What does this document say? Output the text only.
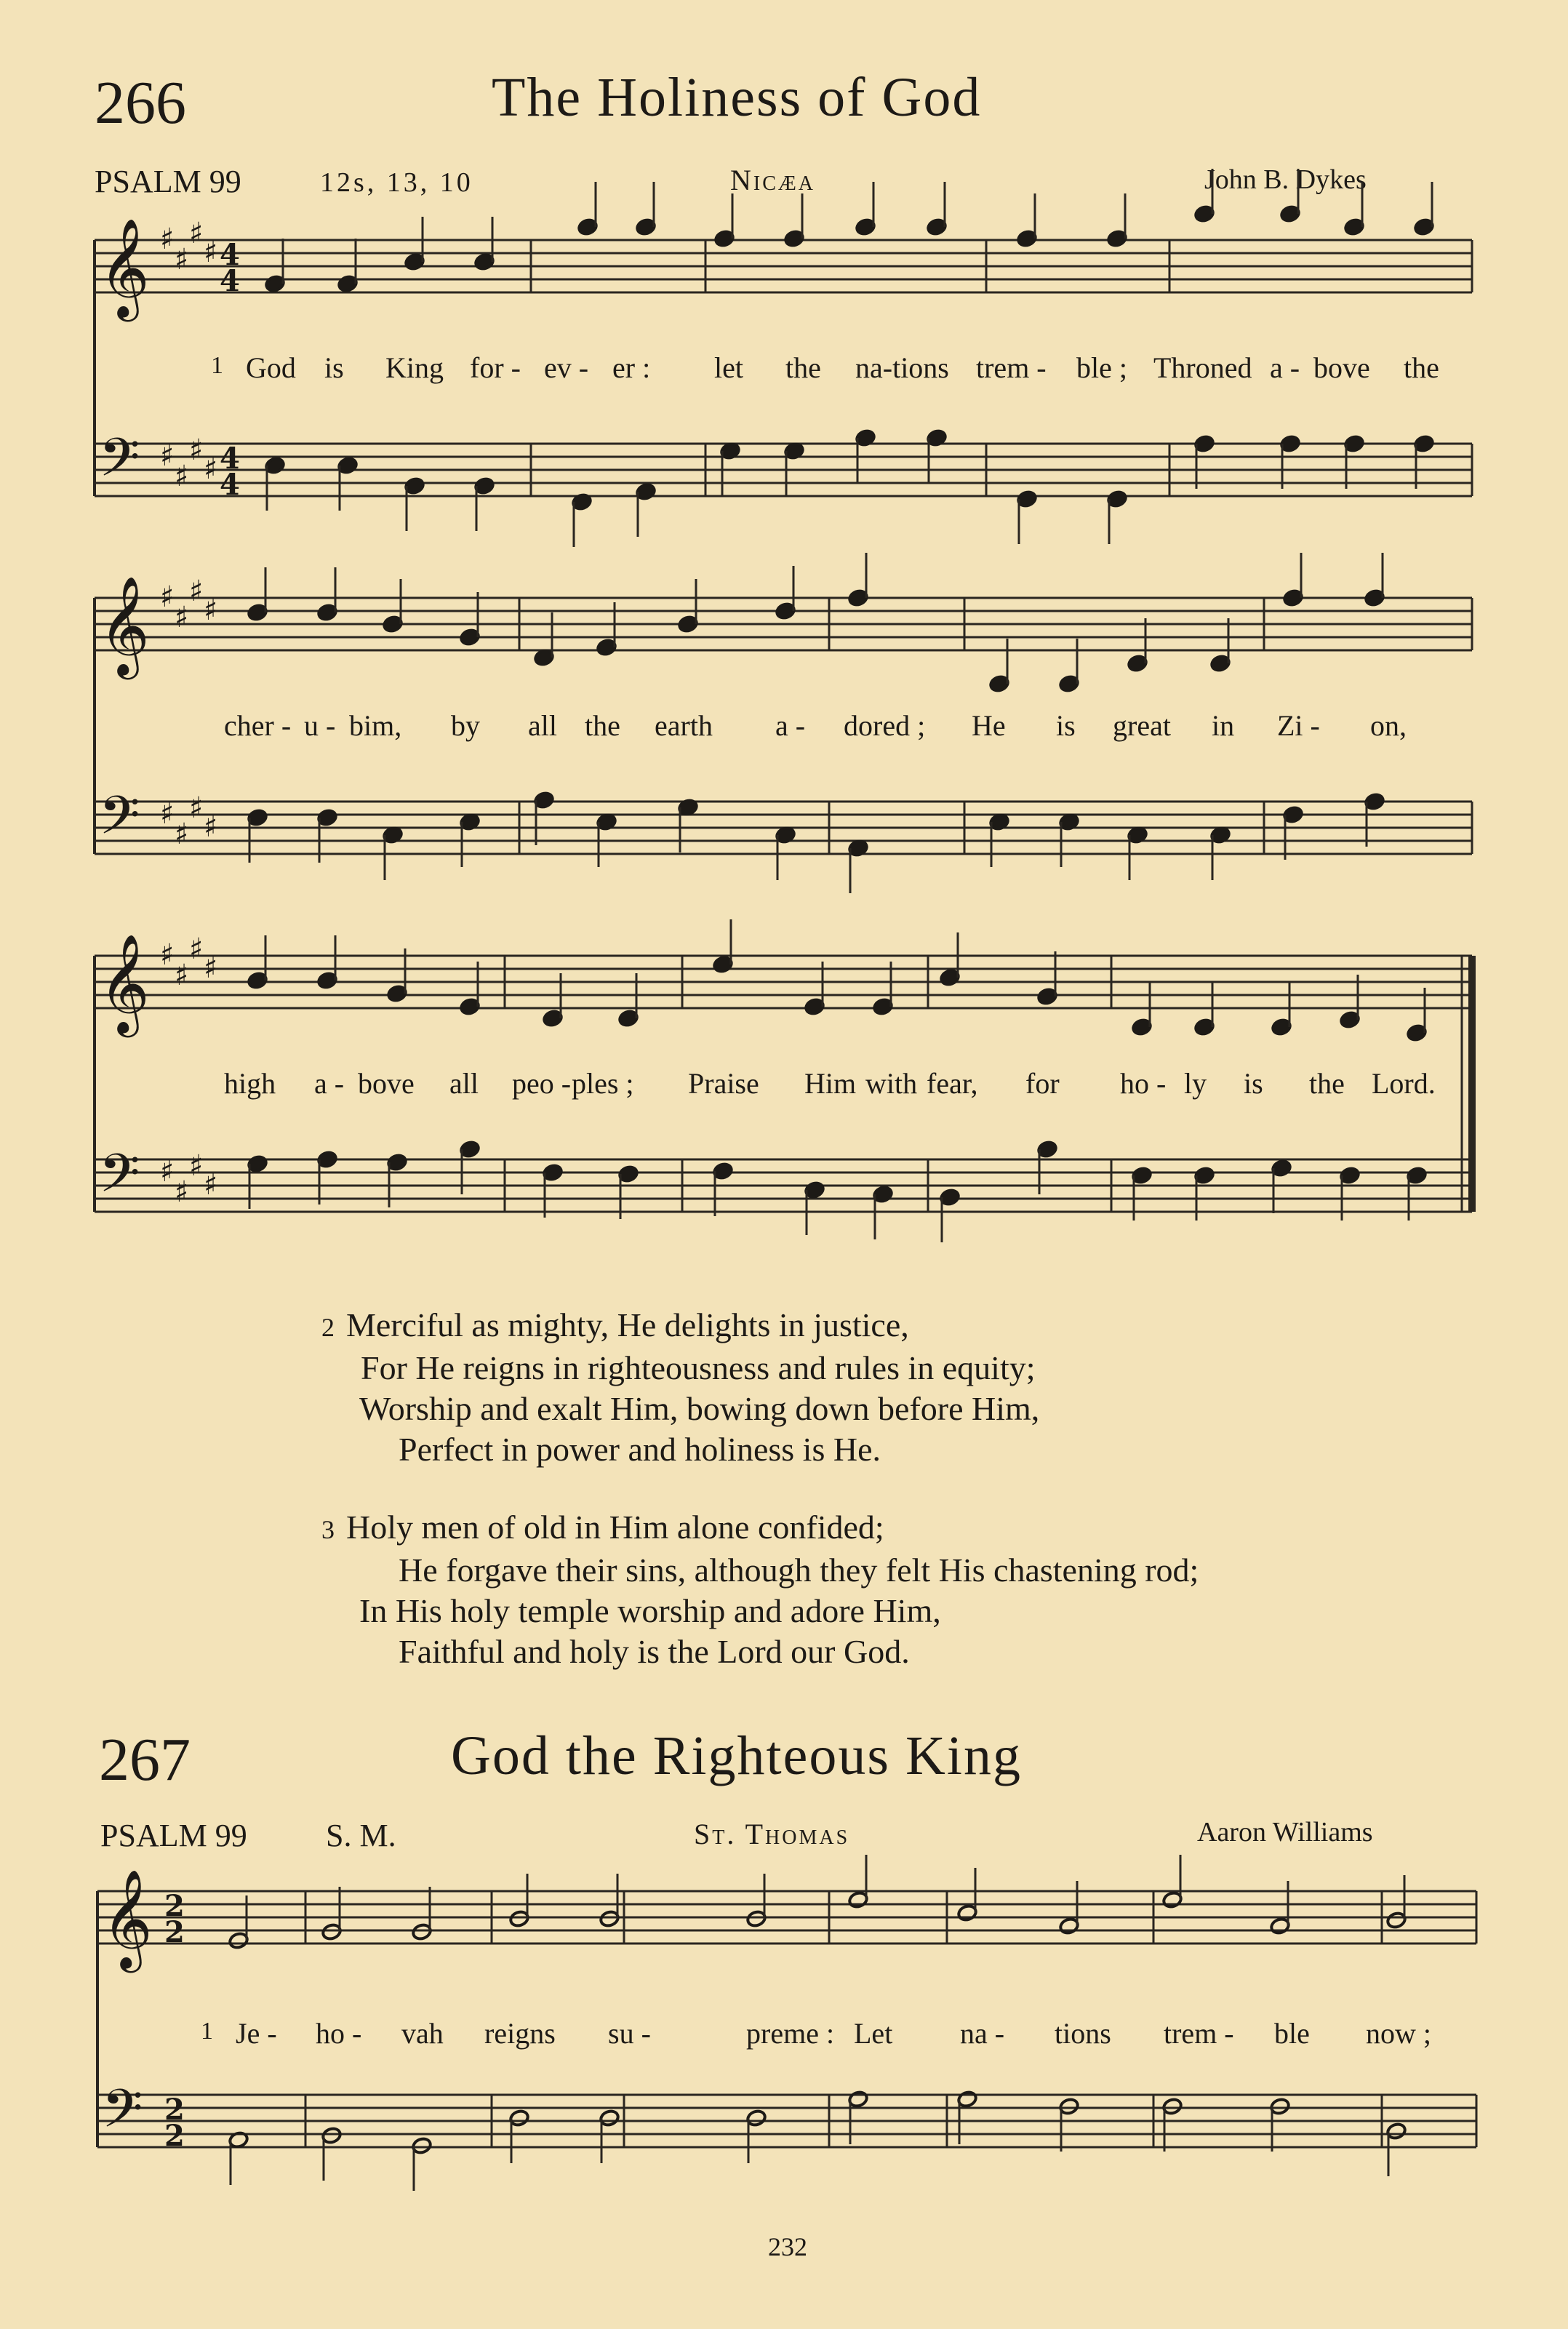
266	The Holiness of God
PSALM 99	12s, 13, 10	Nicæa	John B. Dykes
1 God is King for - ev - er : let the na-tions trem - ble ; Throned a - bove the
cher - u - bim, by all the earth a - dored ; He is great in Zi - on,
high a - bove all peo - ples ; Praise Him with fear, for ho - ly is the Lord.
2 Merciful as mighty, He delights in justice,
For He reigns in righteousness and rules in equity;
Worship and exalt Him, bowing down before Him,
Perfect in power and holiness is He.
3 Holy men of old in Him alone confided;
He forgave their sins, although they felt His chastening rod;
In His holy temple worship and adore Him,
Faithful and holy is the Lord our God.
267	God the Righteous King
PSALM 99 S. M.	St. Thomas	Aaron Williams
1 Je - ho - vah reigns su -	preme : Let na - tions trem - ble now ;
232
𝄞
𝄢
♯
♯
♯
♯
♯
♯
♯
♯
4
4
4
4
𝄞
𝄢
♯
♯
♯
♯
♯
♯
♯
♯
𝄞
𝄢
♯
♯
♯
♯
♯
♯
♯
♯
𝄞
𝄢
2
2
2
2
